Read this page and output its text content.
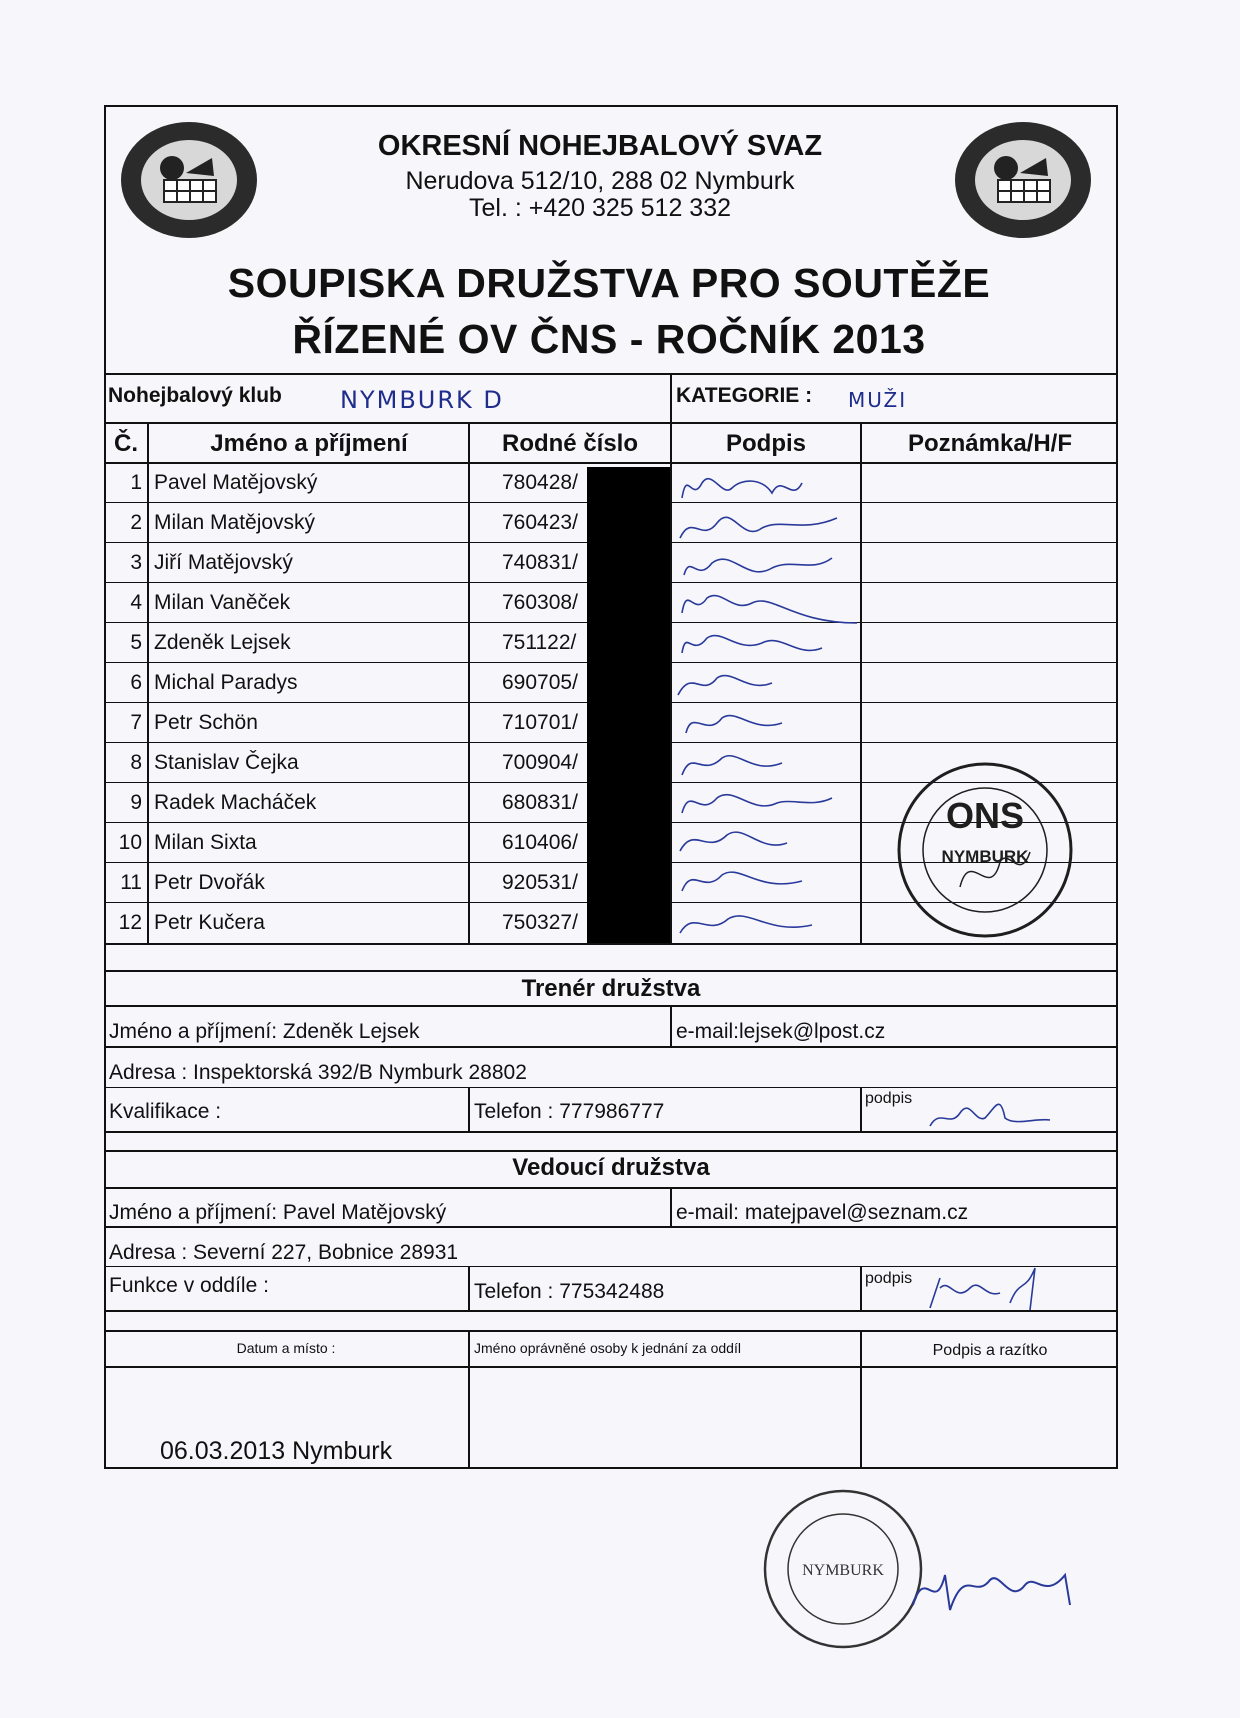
OKRESNÍ NOHEJBALOVÝ SVAZ
Nerudova 512/10, 288 02 Nymburk
Tel. : +420 325 512 332
SOUPISKA DRUŽSTVA PRO SOUTĚŽE
ŘÍZENÉ OV ČNS - ROČNÍK 2013
Nohejbalový klub NYMBURK D	KATEGORIE : MUŽI
Č.	Jméno a příjmení	Rodné číslo	Podpis	Poznámka/H/F
1 Pavel Matějovský	780428/
2 Milan Matějovský	760423/
3 Jiří Matějovský	740831/
4 Milan Vaněček	760308/
5 Zdeněk Lejsek	751122/
6 Michal Paradys	690705/
7 Petr Schön	710701/
8 Stanislav Čejka	700904/
9 Radek Macháček	680831/
10 Milan Sixta	610406/
11 Petr Dvořák	920531/
12 Petr Kučera	750327/
ONS
NYMBURK
Trenér družstva
Jméno a příjmení: Zdeněk Lejsek	e-mail:lejsek@lpost.cz
Adresa : Inspektorská 392/B Nymburk 28802
Kvalifikace :	Telefon : 777986777
podpis
Vedoucí družstva
Jméno a příjmení: Pavel Matějovský	e-mail: matejpavel@seznam.cz
Adresa : Severní 227, Bobnice 28931
Funkce v oddíle :	Telefon : 775342488
podpis
Datum a místo :	Jméno oprávněné osoby k jednání za oddíl	Podpis a razítko
06.03.2013 Nymburk
NYMBURK
